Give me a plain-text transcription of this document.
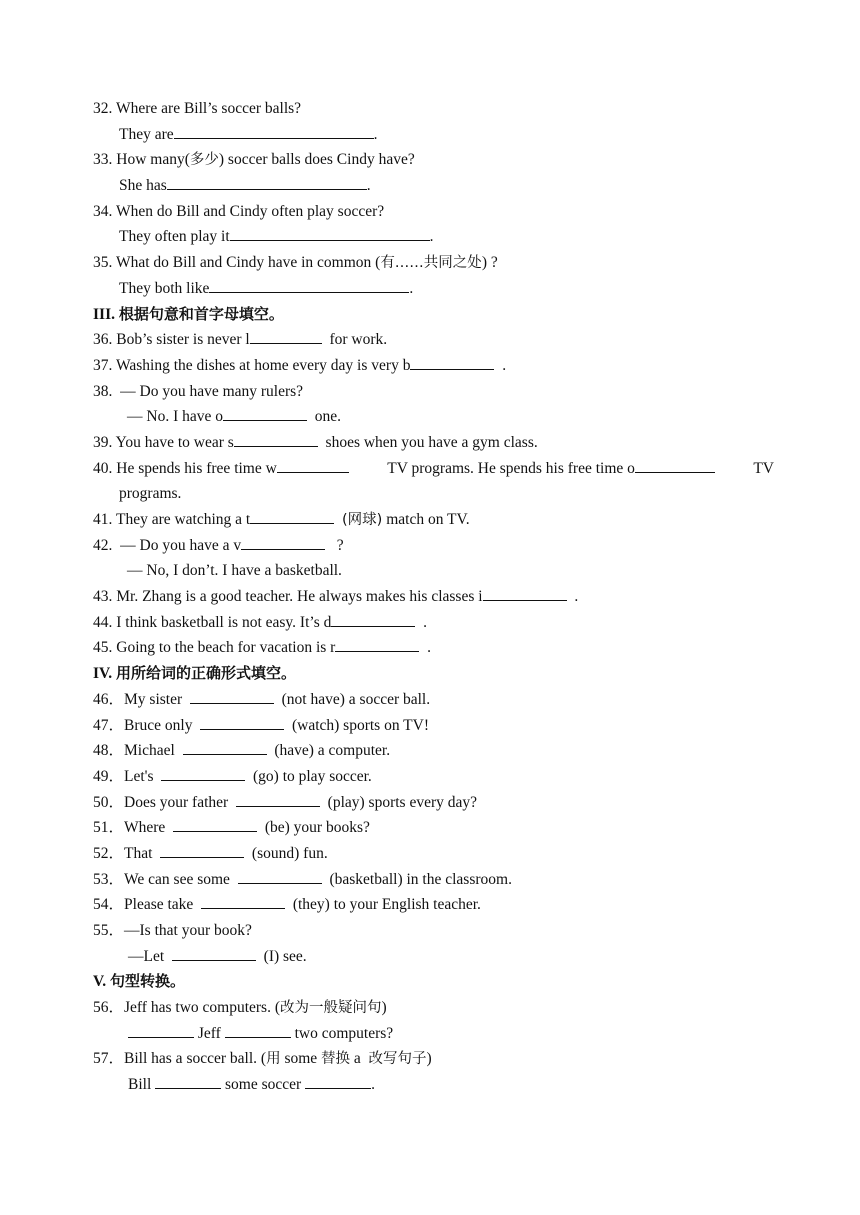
32. Where are Bill’s soccer balls?
They are	.
33. How many(多少) soccer balls does Cindy have?
She has	.
34. When do Bill and Cindy often play soccer?
They often play it	.
35. What do Bill and Cindy have in common (有……共同之处) ?
They both like	.
III. 根据句意和首字母填空。
36. Bob’s sister is never l	for work.
37. Washing the dishes at home every day is very b	.
38.  — Do you have many rulers?
— No. I have o	one.
39. You have to wear s	shoes when you have a gym class.
40. He spends his free time w	TV programs. He spends his free time o	TV
programs.
41. They are watching a t	(网球) match on TV.
42.  — Do you have a v	?
— No, I don’t. I have a basketball.
43. Mr. Zhang is a good teacher. He always makes his classes i	.
44. I think basketball is not easy. It’s d	.
45. Going to the beach for vacation is r	.
IV. 用所给词的正确形式填空。
46．My sister	(not have) a soccer ball.
47．Bruce only	(watch) sports on TV!
48．Michael	(have) a computer.
49．Let's	(go) to play soccer.
50．Does your father	(play) sports every day?
51．Where	(be) your books?
52．That	(sound) fun.
53．We can see some	(basketball) in the classroom.
54．Please take	(they) to your English teacher.
55．—Is that your book?
—Let	(I) see.
V. 句型转换。
56．Jeff has two computers. (改为一般疑问句)
Jeff	two computers?
57．Bill has a soccer ball. (用 some 替换 a 改写句子)
Bill	some soccer	.
